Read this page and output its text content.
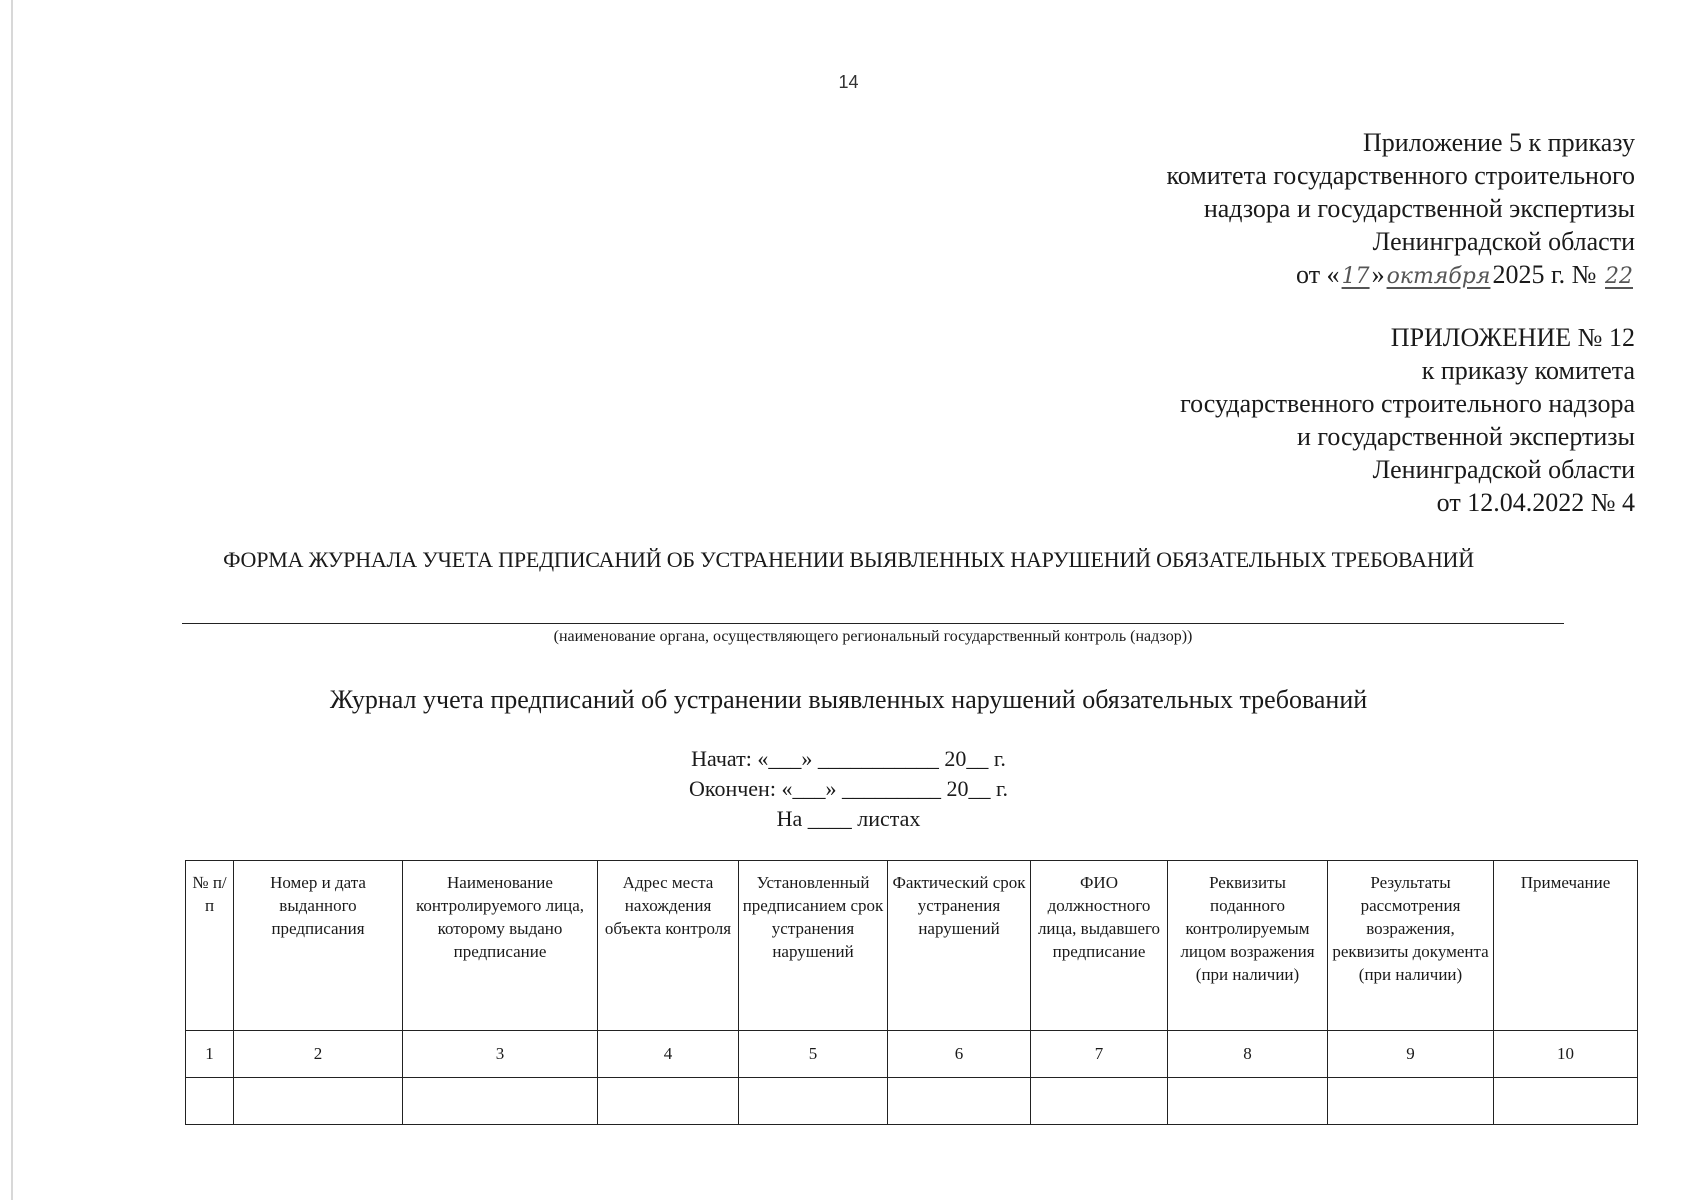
14
Приложение 5 к приказу
комитета государственного строительного
надзора и государственной экспертизы
Ленинградской области
от «17»октября2025 г. № 22
ПРИЛОЖЕНИЕ № 12
к приказу комитета
государственного строительного надзора
и государственной экспертизы
Ленинградской области
от 12.04.2022 № 4
ФОРМА ЖУРНАЛА УЧЕТА ПРЕДПИСАНИЙ ОБ УСТРАНЕНИИ ВЫЯВЛЕННЫХ НАРУШЕНИЙ ОБЯЗАТЕЛЬНЫХ ТРЕБОВАНИЙ
(наименование органа, осуществляющего региональный государственный контроль (надзор))
Журнал учета предписаний об устранении выявленных нарушений обязательных требований
Начат: «___» ___________ 20__ г.
Окончен: «___» _________ 20__ г.
На ____ листах
№ п/п	Номер и дата выданного предписания	Наименование контролируемого лица, которому выдано предписание	Адрес места нахождения объекта контроля	Установленный предписанием срок устранения нарушений	Фактический срок устранения нарушений	ФИО должностного лица, выдавшего предписание	Реквизиты поданного контролируемым лицом возражения (при наличии)	Результаты рассмотрения возражения, реквизиты документа (при наличии)	Примечание
1	2	3	4	5	6	7	8	9	10
